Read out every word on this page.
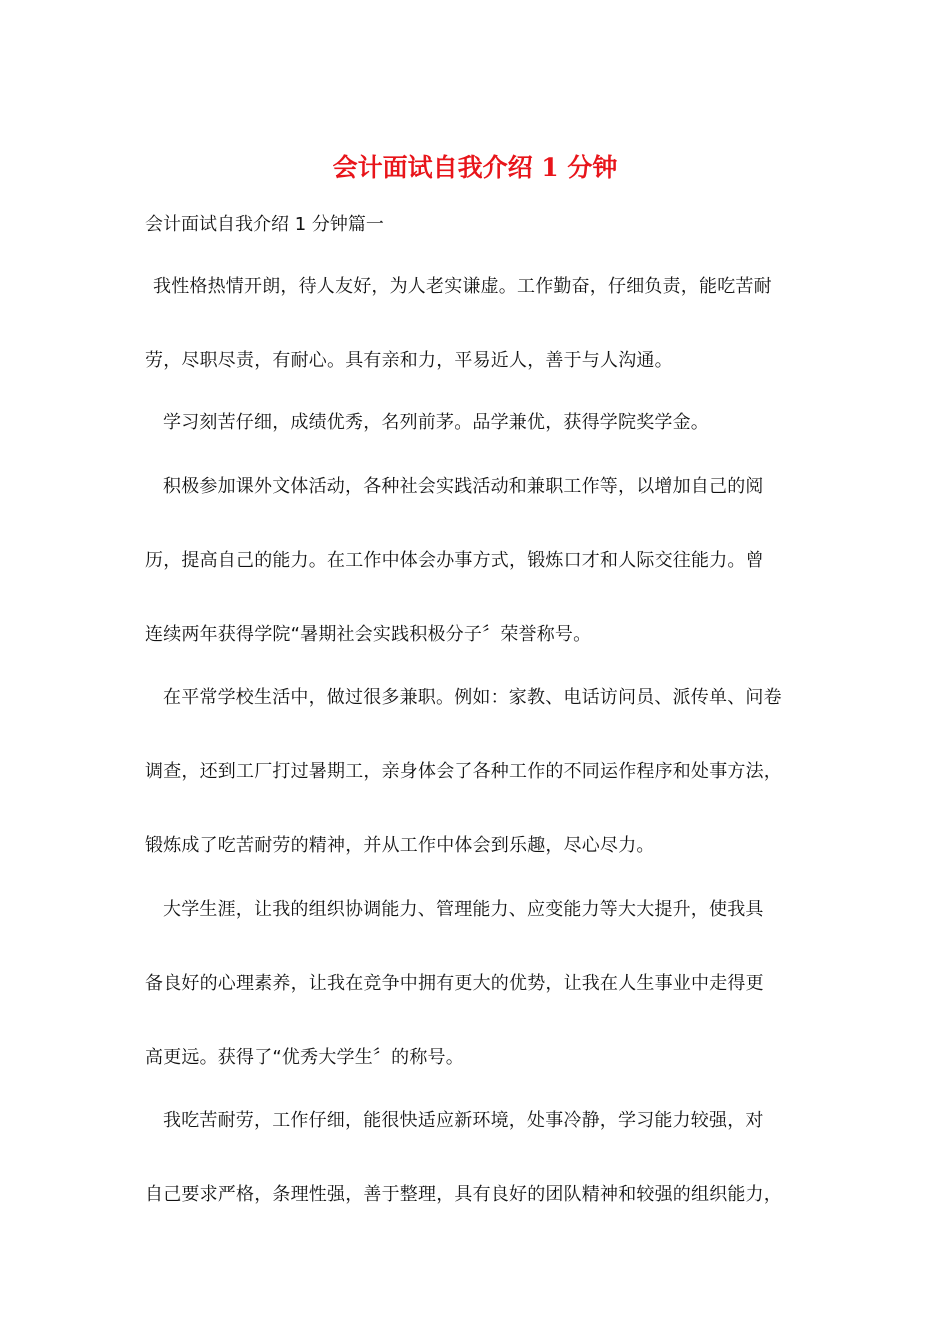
会计面试自我介绍 1 分钟

会计面试自我介绍 1 分钟篇一

我性格热情开朗，待人友好，为人老实谦虚。工作勤奋，仔细负责，能吃苦耐

劳，尽职尽责，有耐心。具有亲和力，平易近人，善于与人沟通。

学习刻苦仔细，成绩优秀，名列前茅。品学兼优，获得学院奖学金。

积极参加课外文体活动，各种社会实践活动和兼职工作等，以增加自己的阅

历，提高自己的能力。在工作中体会办事方式，锻炼口才和人际交往能力。曾

连续两年获得学院“暑期社会实践积极分子〞荣誉称号。

在平常学校生活中，做过很多兼职。例如：家教、电话访问员、派传单、问卷

调查，还到工厂打过暑期工，亲身体会了各种工作的不同运作程序和处事方法，

锻炼成了吃苦耐劳的精神，并从工作中体会到乐趣，尽心尽力。

大学生涯，让我的组织协调能力、管理能力、应变能力等大大提升，使我具

备良好的心理素养，让我在竞争中拥有更大的优势，让我在人生事业中走得更

高更远。获得了“优秀大学生〞的称号。

我吃苦耐劳，工作仔细，能很快适应新环境，处事冷静，学习能力较强，对

自己要求严格，条理性强，善于整理，具有良好的团队精神和较强的组织能力，
